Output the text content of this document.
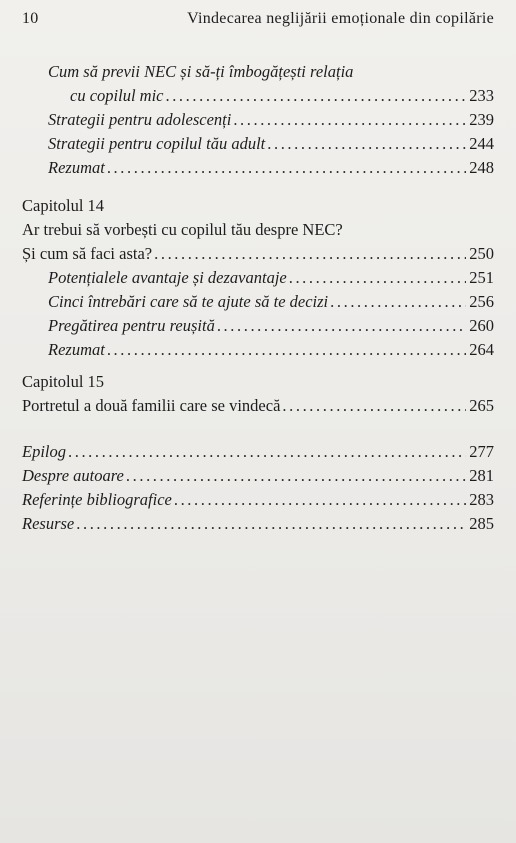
10	Vindecarea neglijării emoționale din copilărie
Cum să previi NEC și să-ți îmbogățești relația
cu copilul mic .....	233
Strategii pentru adolescenți .....	239
Strategii pentru copilul tău adult .....	244
Rezumat .....	248
Capitolul 14
Ar trebui să vorbești cu copilul tău despre NEC?
Și cum să faci asta? .....	250
Potențialele avantaje și dezavantaje .....	251
Cinci întrebări care să te ajute să te decizi .....	256
Pregătirea pentru reușită .....	260
Rezumat .....	264
Capitolul 15
Portretul a două familii care se vindecă .....	265
Epilog .....	277
Despre autoare .....	281
Referințe bibliografice .....	283
Resurse .....	285
